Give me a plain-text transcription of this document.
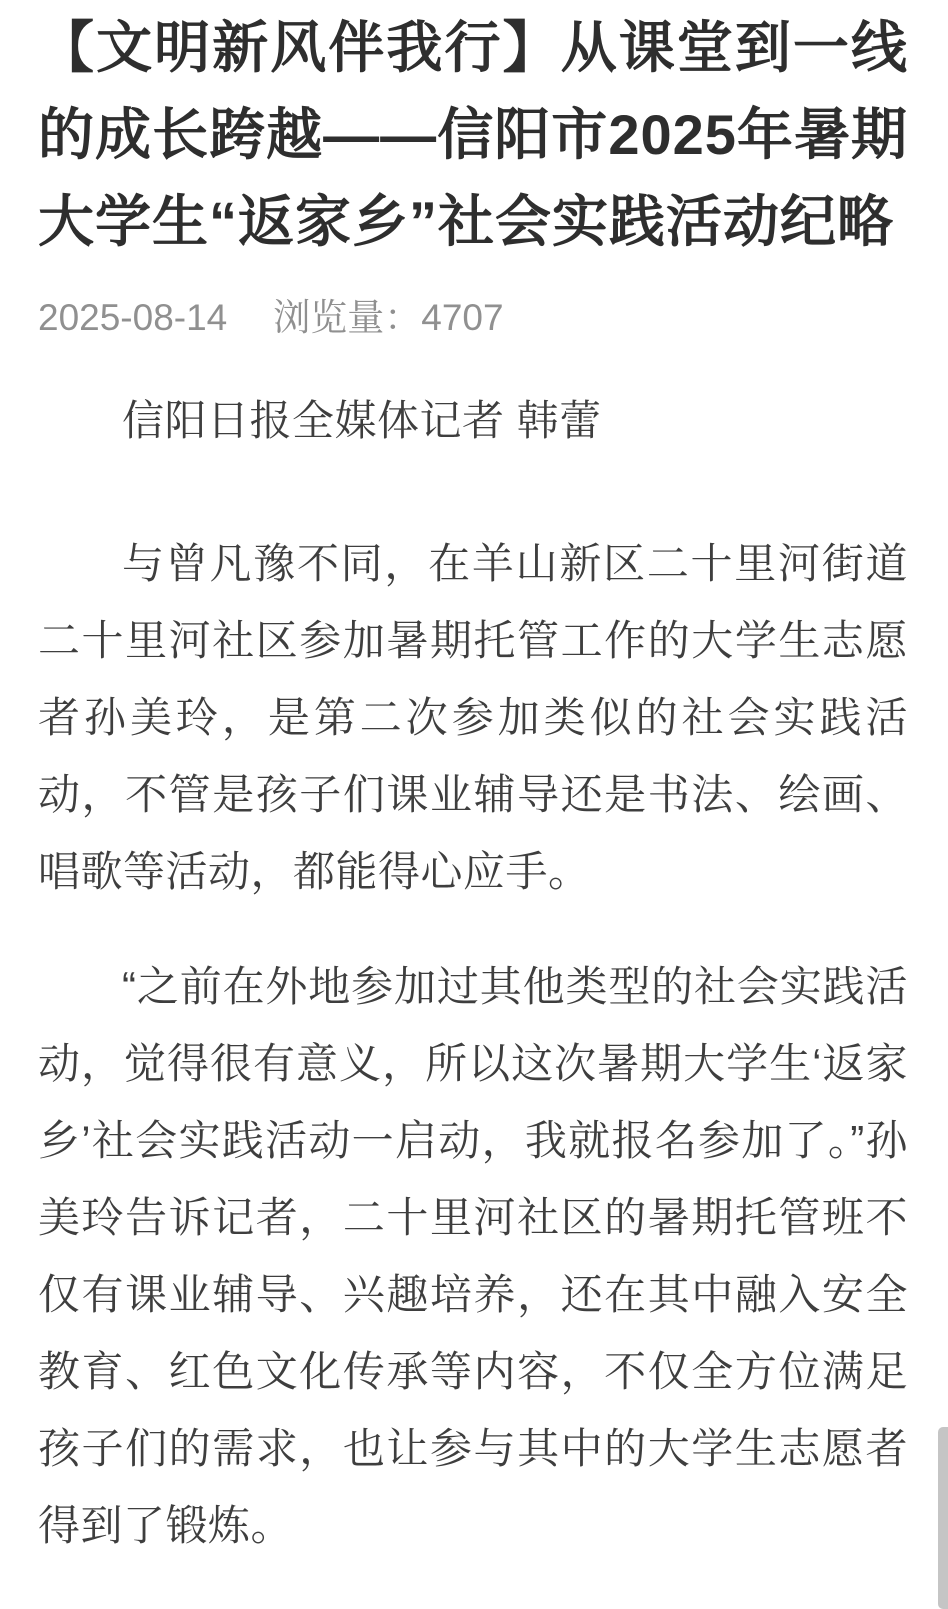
【文明新风伴我行】从课堂到一线的成长跨越——信阳市2025年暑期大学生“返家乡”社会实践活动纪略
2025-08-14 浏览量：4707

信阳日报全媒体记者 韩蕾

与曾凡豫不同，在羊山新区二十里河街道二十里河社区参加暑期托管工作的大学生志愿者孙美玲，是第二次参加类似的社会实践活动，不管是孩子们课业辅导还是书法、绘画、唱歌等活动，都能得心应手。

“之前在外地参加过其他类型的社会实践活动，觉得很有意义，所以这次暑期大学生‘返家乡’社会实践活动一启动，我就报名参加了。”孙美玲告诉记者，二十里河社区的暑期托管班不仅有课业辅导、兴趣培养，还在其中融入安全教育、红色文化传承等内容，不仅全方位满足孩子们的需求，也让参与其中的大学生志愿者得到了锻炼。
